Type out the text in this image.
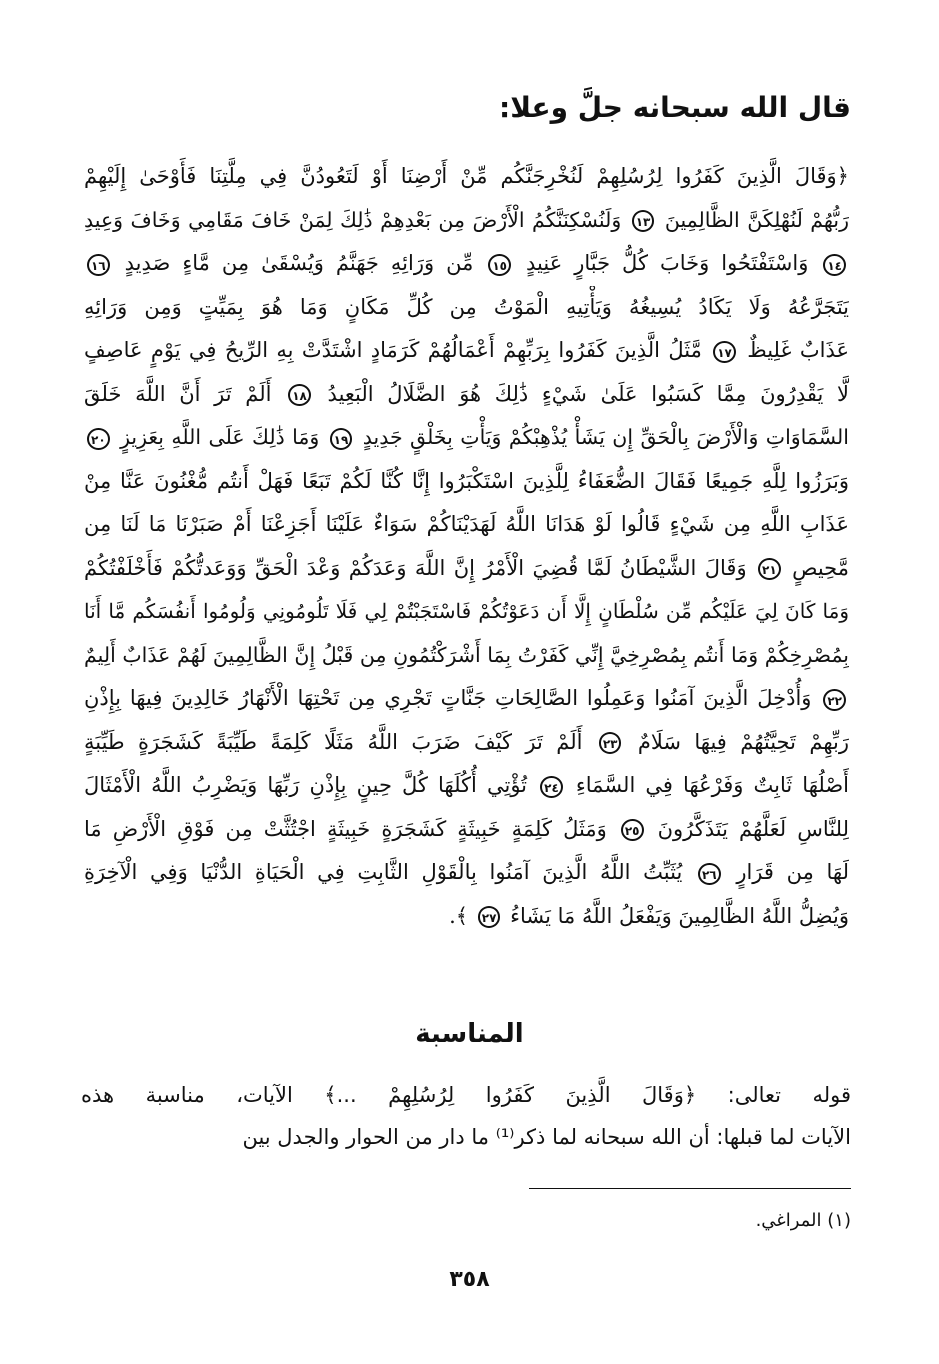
قال الله سبحانه جلَّ وعلا:
﴿وَقَالَ الَّذِينَ كَفَرُوا لِرُسُلِهِمْ لَنُخْرِجَنَّكُم مِّنْ أَرْضِنَا أَوْ لَتَعُودُنَّ فِي مِلَّتِنَا فَأَوْحَىٰ إِلَيْهِمْ
رَبُّهُمْ لَنُهْلِكَنَّ الظَّالِمِينَ ١٣ وَلَنُسْكِنَنَّكُمُ الْأَرْضَ مِن بَعْدِهِمْ ذَٰلِكَ لِمَنْ خَافَ مَقَامِي وَخَافَ وَعِيدِ
١٤ وَاسْتَفْتَحُوا وَخَابَ كُلُّ جَبَّارٍ عَنِيدٍ ١٥ مِّن وَرَائِهِ جَهَنَّمُ وَيُسْقَىٰ مِن مَّاءٍ صَدِيدٍ ١٦
يَتَجَرَّعُهُ وَلَا يَكَادُ يُسِيغُهُ وَيَأْتِيهِ الْمَوْتُ مِن كُلِّ مَكَانٍ وَمَا هُوَ بِمَيِّتٍ وَمِن وَرَائِهِ
عَذَابٌ غَلِيظٌ ١٧ مَّثَلُ الَّذِينَ كَفَرُوا بِرَبِّهِمْ أَعْمَالُهُمْ كَرَمَادٍ اشْتَدَّتْ بِهِ الرِّيحُ فِي يَوْمٍ عَاصِفٍ
لَّا يَقْدِرُونَ مِمَّا كَسَبُوا عَلَىٰ شَيْءٍ ذَٰلِكَ هُوَ الضَّلَالُ الْبَعِيدُ ١٨ أَلَمْ تَرَ أَنَّ اللَّهَ خَلَقَ
السَّمَاوَاتِ وَالْأَرْضَ بِالْحَقِّ إِن يَشَأْ يُذْهِبْكُمْ وَيَأْتِ بِخَلْقٍ جَدِيدٍ ١٩ وَمَا ذَٰلِكَ عَلَى اللَّهِ بِعَزِيزٍ ٢٠
وَبَرَزُوا لِلَّهِ جَمِيعًا فَقَالَ الضُّعَفَاءُ لِلَّذِينَ اسْتَكْبَرُوا إِنَّا كُنَّا لَكُمْ تَبَعًا فَهَلْ أَنتُم مُّغْنُونَ عَنَّا مِنْ
عَذَابِ اللَّهِ مِن شَيْءٍ قَالُوا لَوْ هَدَانَا اللَّهُ لَهَدَيْنَاكُمْ سَوَاءٌ عَلَيْنَا أَجَزِعْنَا أَمْ صَبَرْنَا مَا لَنَا مِن
مَّحِيصٍ ٢١ وَقَالَ الشَّيْطَانُ لَمَّا قُضِيَ الْأَمْرُ إِنَّ اللَّهَ وَعَدَكُمْ وَعْدَ الْحَقِّ وَوَعَدتُّكُمْ فَأَخْلَفْتُكُمْ
وَمَا كَانَ لِيَ عَلَيْكُم مِّن سُلْطَانٍ إِلَّا أَن دَعَوْتُكُمْ فَاسْتَجَبْتُمْ لِي فَلَا تَلُومُونِي وَلُومُوا أَنفُسَكُم مَّا أَنَا
بِمُصْرِخِكُمْ وَمَا أَنتُم بِمُصْرِخِيَّ إِنِّي كَفَرْتُ بِمَا أَشْرَكْتُمُونِ مِن قَبْلُ إِنَّ الظَّالِمِينَ لَهُمْ عَذَابٌ أَلِيمٌ
٢٢ وَأُدْخِلَ الَّذِينَ آمَنُوا وَعَمِلُوا الصَّالِحَاتِ جَنَّاتٍ تَجْرِي مِن تَحْتِهَا الْأَنْهَارُ خَالِدِينَ فِيهَا بِإِذْنِ
رَبِّهِمْ تَحِيَّتُهُمْ فِيهَا سَلَامٌ ٢٣ أَلَمْ تَرَ كَيْفَ ضَرَبَ اللَّهُ مَثَلًا كَلِمَةً طَيِّبَةً كَشَجَرَةٍ طَيِّبَةٍ
أَصْلُهَا ثَابِتٌ وَفَرْعُهَا فِي السَّمَاءِ ٢٤ تُؤْتِي أُكُلَهَا كُلَّ حِينٍ بِإِذْنِ رَبِّهَا وَيَضْرِبُ اللَّهُ الْأَمْثَالَ
لِلنَّاسِ لَعَلَّهُمْ يَتَذَكَّرُونَ ٢٥ وَمَثَلُ كَلِمَةٍ خَبِيثَةٍ كَشَجَرَةٍ خَبِيثَةٍ اجْتُثَّتْ مِن فَوْقِ الْأَرْضِ مَا
لَهَا مِن قَرَارٍ ٢٦ يُثَبِّتُ اللَّهُ الَّذِينَ آمَنُوا بِالْقَوْلِ الثَّابِتِ فِي الْحَيَاةِ الدُّنْيَا وَفِي الْآخِرَةِ
وَيُضِلُّ اللَّهُ الظَّالِمِينَ وَيَفْعَلُ اللَّهُ مَا يَشَاءُ ٢٧ ﴾.
المناسبة
قوله تعالى: ﴿وَقَالَ الَّذِينَ كَفَرُوا لِرُسُلِهِمْ ...﴾ الآيات، مناسبة هذه
الآيات لما قبلها: أن الله سبحانه لما ذكر⁽¹⁾ ما دار من الحوار والجدل بين
(١) المراغي.
٣٥٨
